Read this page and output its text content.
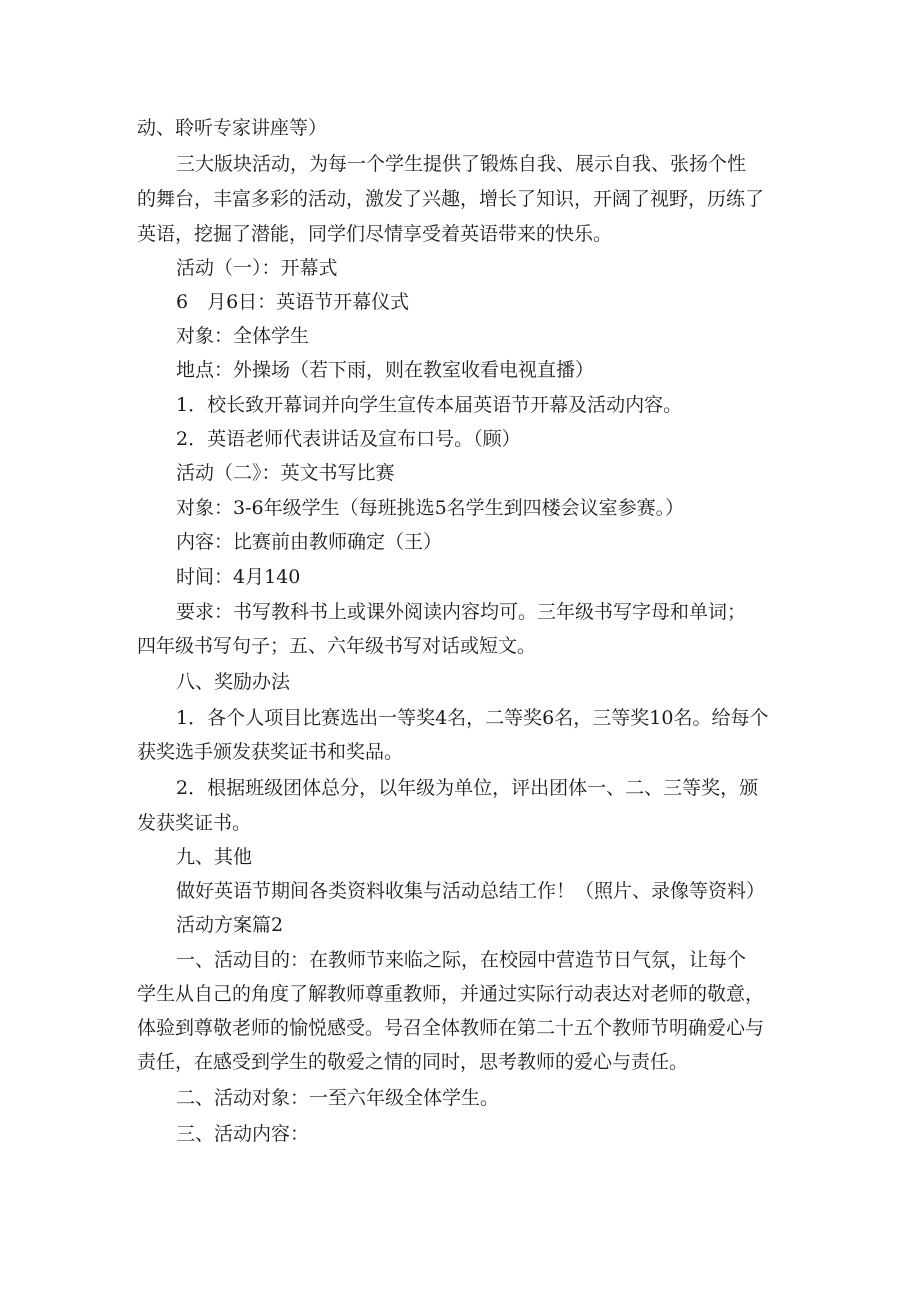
动、聆听专家讲座等）
三大版块活动，为每一个学生提供了锻炼自我、展示自我、张扬个性
的舞台，丰富多彩的活动，激发了兴趣，增长了知识，开阔了视野，历练了
英语，挖掘了潜能，同学们尽情享受着英语带来的快乐。
活动（一）：开幕式
6　月6日：英语节开幕仪式
对象：全体学生
地点：外操场（若下雨，则在教室收看电视直播）
1．校长致开幕词并向学生宣传本届英语节开幕及活动内容。
2．英语老师代表讲话及宣布口号。（顾）
活动（二》：英文书写比赛
对象：3-6年级学生（每班挑选5名学生到四楼会议室参赛。）
内容：比赛前由教师确定（王）
时间：4月140
要求：书写教科书上或课外阅读内容均可。三年级书写字母和单词；
四年级书写句子；五、六年级书写对话或短文。
八、奖励办法
1．各个人项目比赛选出一等奖4名，二等奖6名，三等奖10名。给每个
获奖选手颁发获奖证书和奖品。
2．根据班级团体总分，以年级为单位，评出团体一、二、三等奖，颁
发获奖证书。
九、其他
做好英语节期间各类资料收集与活动总结工作！（照片、录像等资料）
活动方案篇2
一、活动目的：在教师节来临之际，在校园中营造节日气氛，让每个
学生从自己的角度了解教师尊重教师，并通过实际行动表达对老师的敬意，
体验到尊敬老师的愉悦感受。号召全体教师在第二十五个教师节明确爱心与
责任，在感受到学生的敬爱之情的同时，思考教师的爱心与责任。
二、活动对象：一至六年级全体学生。
三、活动内容：
